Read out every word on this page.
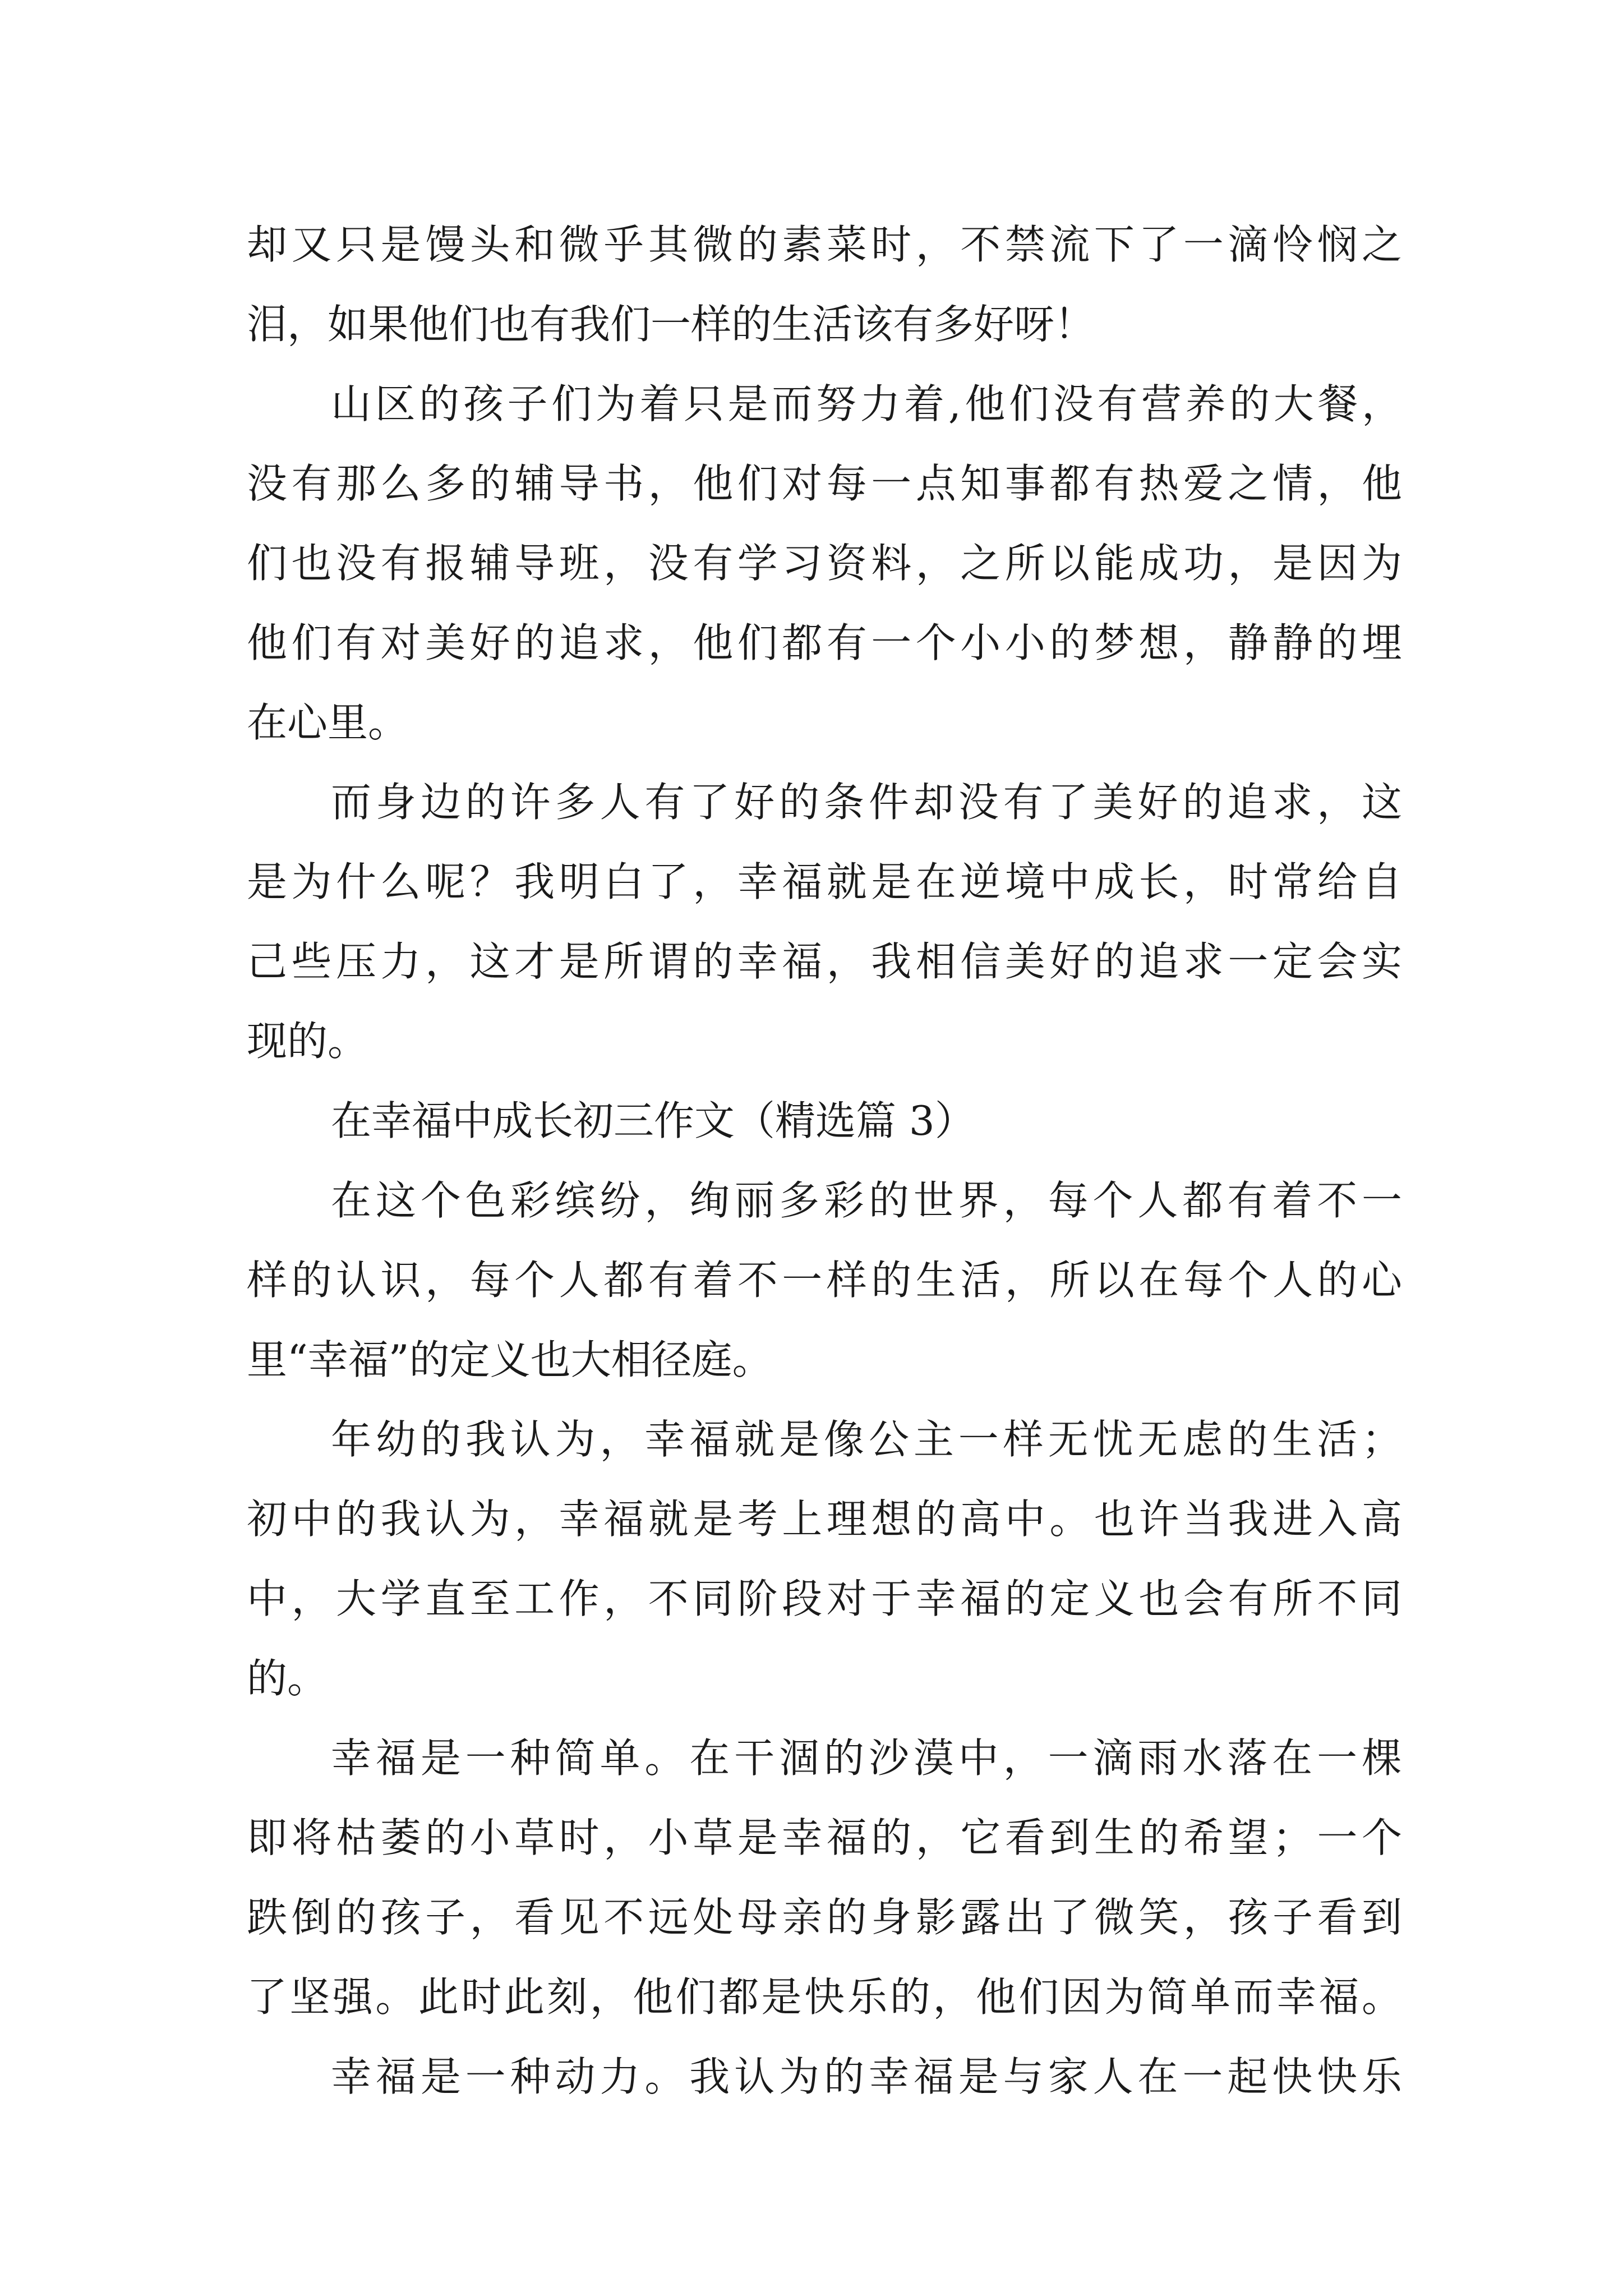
却又只是馒头和微乎其微的素菜时，不禁流下了一滴怜悯之
泪，如果他们也有我们一样的生活该有多好呀！
山区的孩子们为着只是而努力着,他们没有营养的大餐，
没有那么多的辅导书，他们对每一点知事都有热爱之情，他
们也没有报辅导班，没有学习资料，之所以能成功，是因为
他们有对美好的追求，他们都有一个小小的梦想，静静的埋
在心里。
而身边的许多人有了好的条件却没有了美好的追求，这
是为什么呢？我明白了，幸福就是在逆境中成长，时常给自
己些压力，这才是所谓的幸福，我相信美好的追求一定会实
现的。
在幸福中成长初三作文（精选篇 3）
在这个色彩缤纷，绚丽多彩的世界，每个人都有着不一
样的认识，每个人都有着不一样的生活，所以在每个人的心
里“幸福”的定义也大相径庭。
年幼的我认为，幸福就是像公主一样无忧无虑的生活；
初中的我认为，幸福就是考上理想的高中。也许当我进入高
中，大学直至工作，不同阶段对于幸福的定义也会有所不同
的。
幸福是一种简单。在干涸的沙漠中，一滴雨水落在一棵
即将枯萎的小草时，小草是幸福的，它看到生的希望；一个
跌倒的孩子，看见不远处母亲的身影露出了微笑，孩子看到
了坚强。此时此刻，他们都是快乐的，他们因为简单而幸福。
幸福是一种动力。我认为的幸福是与家人在一起快快乐
